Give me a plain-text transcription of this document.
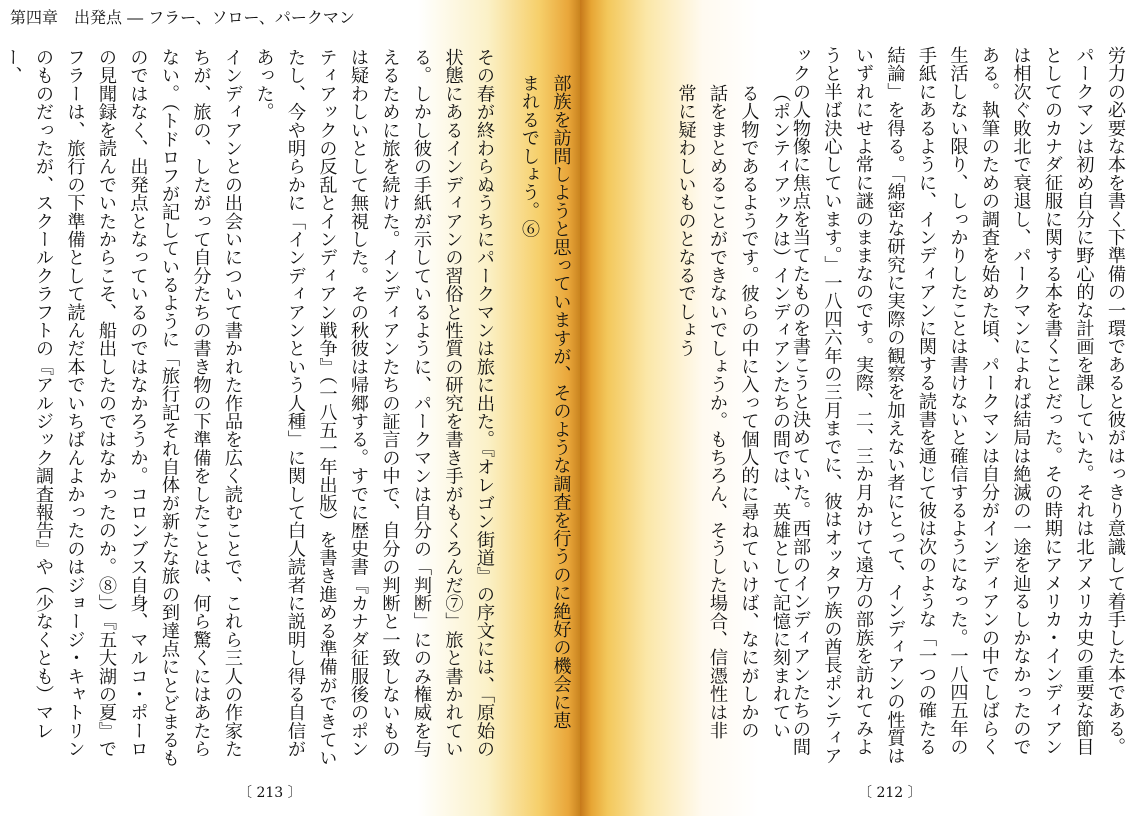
第四章　出発点 ― フラー、ソロー、パークマン

その春が終わらぬうちにパークマンは旅に出た。『オレゴン街道』の序文には、「原始の状態にあるインディアンの習俗と性質の研究を書き手がもくろんだ⑦」旅と書かれている。しかし彼の手紙が示しているように、パークマンは自分の「判断」にのみ権威を与えるために旅を続けた。インディアンたちの証言の中で、自分の判断と一致しないものは疑わしいとして無視した。その秋彼は帰郷する。すでに歴史書『カナダ征服後のポンティアックの反乱とインディアン戦争』（一八五一年出版）を書き進める準備ができていたし、今や明らかに「インディアンという人種」に関して白人読者に説明し得る自信があった。

インディアンとの出会いについて書かれた作品を広く読むことで、これら三人の作家たちが、旅の、したがって自分たちの書き物の下準備をしたことは、何ら驚くにはあたらない。（トドロフが記しているように「旅行記それ自体が新たな旅の到達点にとどまるものではなく、出発点となっているのではなかろうか。コロンブス自身、マルコ・ポーロの見聞録を読んでいたからこそ、船出したのではなかったのか。⑧」）『五大湖の夏』でフラーは、旅行の下準備として読んだ本でいちばんよかったのはジョージ・キャトリンのものだったが、スクールクラフトの『アルジック調査報告』や（少なくとも）マレー、	部族を訪問しようと思っていますが、そのような調査を行うのに絶好の機会に恵まれるでしょう。⑥

〔 213 〕

（ポンティアックは）インディアンたちの間では、英雄として記憶に刻まれている人物であるようです。彼らの中に入って個人的に尋ねていけば、なにがしかの話をまとめることができないでしょうか。もちろん、そうした場合、信憑性は非常に疑わしいものとなるでしょう

労力の必要な本を書く下準備の一環であると彼がはっきり意識して着手した本である。パークマンは初め自分に野心的な計画を課していた。それは北アメリカ史の重要な節目としてのカナダ征服に関する本を書くことだった。その時期にアメリカ・インディアンは相次ぐ敗北で衰退し、パークマンによれば結局は絶滅の一途を辿るしかなかったのである。執筆のための調査を始めた頃、パークマンは自分がインディアンの中でしばらく生活しない限り、しっかりしたことは書けないと確信するようになった。一八四五年の手紙にあるように、インディアンに関する読書を通じて彼は次のような「一つの確たる結論」を得る。「綿密な研究に実際の観察を加えない者にとって、インディアンの性質はいずれにせよ常に謎のままなのです。実際、二、三か月かけて遠方の部族を訪れてみようと半ば決心しています。」一八四六年の三月までに、彼はオッタワ族の酋長ポンティアックの人物像に焦点を当てたものを書こうと決めていた。西部のインディアンたちの間

〔 212 〕
